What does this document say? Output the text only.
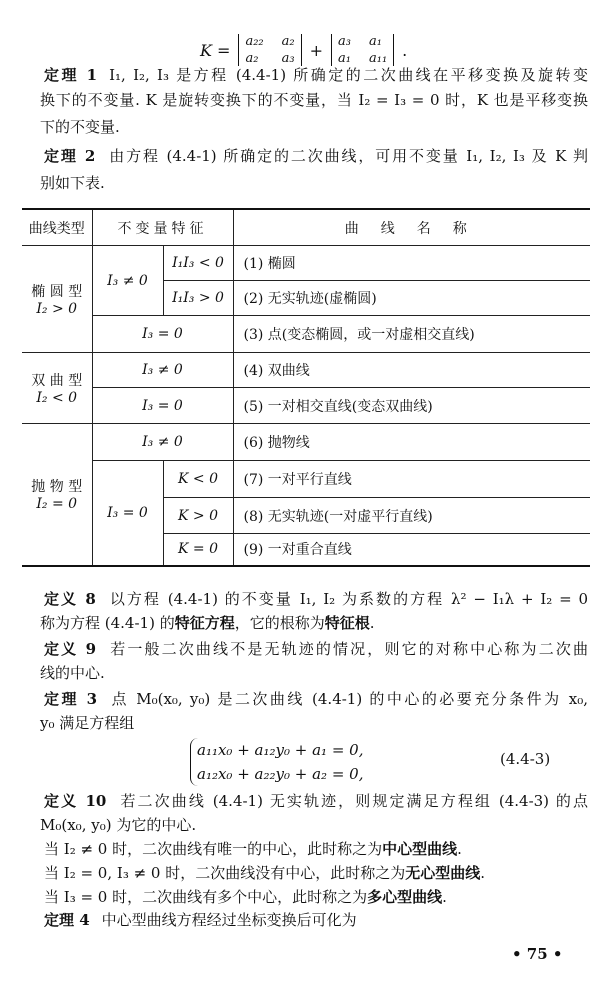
K = a₂₂ a₂
a₂	a₃ + a₃ a₁
a₁ a₁₁ .
定理 1 I₁, I₂, I₃ 是方程 (4.4-1) 所确定的二次曲线在平移变换及旋转变
换下的不变量. K 是旋转变换下的不变量，当 I₂ = I₃ = 0 时，K 也是平移变换
下的不变量.
定理 2 由方程 (4.4-1) 所确定的二次曲线，可用不变量 I₁, I₂, I₃ 及 K 判
别如下表.
曲线类型	不变量特征		曲线名称

椭 圆 型
I₂ > 0	I₃ ≠ 0	I₁I₃ < 0	(1) 椭圆
		I₁I₃ > 0	(2) 无实轨迹(虚椭圆)
	I₃ = 0		(3) 点(变态椭圆，或一对虚相交直线)

双 曲 型
I₂ < 0	I₃ ≠ 0		(4) 双曲线
	I₃ = 0		(5) 一对相交直线(变态双曲线)

抛 物 型
I₂ = 0	I₃ ≠ 0		(6) 抛物线
	I₃ = 0	K < 0	(7) 一对平行直线
		K > 0	(8) 无实轨迹(一对虚平行直线)
		K = 0	(9) 一对重合直线
定义 8 以方程 (4.4-1) 的不变量 I₁, I₂ 为系数的方程 λ² − I₁λ + I₂ = 0
称为方程 (4.4-1) 的特征方程，它的根称为特征根.
定义 9 若一般二次曲线不是无轨迹的情况，则它的对称中心称为二次曲
线的中心.
定理 3 点 M₀(x₀, y₀) 是二次曲线 (4.4-1) 的中心的必要充分条件为 x₀,
y₀ 满足方程组
a₁₁x₀ + a₁₂y₀ + a₁ = 0,
a₁₂x₀ + a₂₂y₀ + a₂ = 0,
(4.4-3)
定义 10 若二次曲线 (4.4-1) 无实轨迹，则规定满足方程组 (4.4-3) 的点
M₀(x₀, y₀) 为它的中心.
当 I₂ ≠ 0 时，二次曲线有唯一的中心，此时称之为中心型曲线.
当 I₂ = 0, I₃ ≠ 0 时，二次曲线没有中心，此时称之为无心型曲线.
当 I₃ = 0 时，二次曲线有多个中心，此时称之为多心型曲线.
定理 4 中心型曲线方程经过坐标变换后可化为
• 75 •
